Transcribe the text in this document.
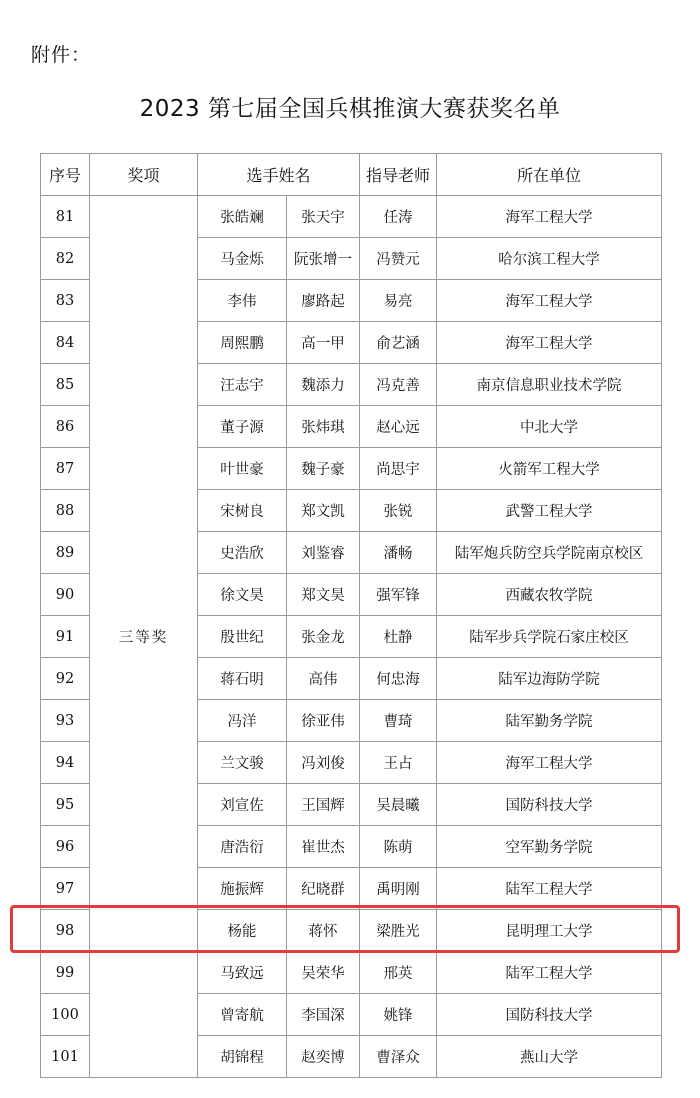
附件：
2023 第七届全国兵棋推演大赛获奖名单
序号	奖项	选手姓名		指导老师	所在单位
81	三等奖	张皓斓	张天宇	任涛	海军工程大学
82		马金烁	阮张增一	冯赞元	哈尔滨工程大学
83		李伟	廖路起	易亮	海军工程大学
84		周熙鹏	高一甲	俞艺涵	海军工程大学
85		汪志宇	魏添力	冯克善	南京信息职业技术学院
86		董子源	张炜琪	赵心远	中北大学
87		叶世豪	魏子豪	尚思宇	火箭军工程大学
88		宋树良	郑文凯	张锐	武警工程大学
89		史浩欣	刘鉴睿	潘畅	陆军炮兵防空兵学院南京校区
90		徐文昊	郑文昊	强军锋	西藏农牧学院
91		殷世纪	张金龙	杜静	陆军步兵学院石家庄校区
92		蒋石明	高伟	何忠海	陆军边海防学院
93		冯洋	徐亚伟	曹琦	陆军勤务学院
94		兰文骏	冯刘俊	王占	海军工程大学
95		刘宣佐	王国辉	吴晨曦	国防科技大学
96		唐浩衍	崔世杰	陈萌	空军勤务学院
97		施振辉	纪晓群	禹明刚	陆军工程大学
98		杨能	蒋怀	梁胜光	昆明理工大学
99		马致远	吴荣华	邢英	陆军工程大学
100		曾寄航	李国深	姚锋	国防科技大学
101		胡锦程	赵奕博	曹泽众	燕山大学
